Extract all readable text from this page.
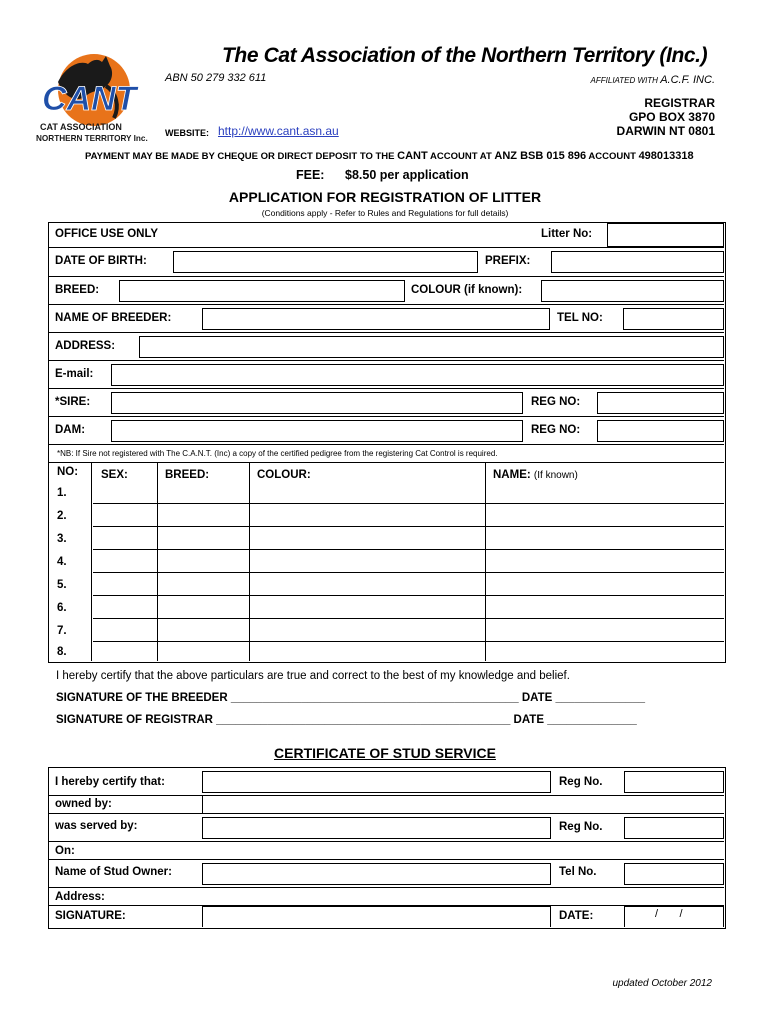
CANT
CAT ASSOCIATION
NORTHERN TERRITORY Inc.
The Cat Association of the Northern Territory (Inc.)
ABN 50 279 332 611	AFFILIATED WITH A.C.F. INC.
REGISTRAR
GPO BOX 3870
DARWIN NT 0801
WEBSITE: http://www.cant.asn.au
PAYMENT MAY BE MADE BY CHEQUE OR DIRECT DEPOSIT TO THE CANT ACCOUNT AT ANZ BSB 015 896 ACCOUNT 498013318
FEE: $8.50 per application
APPLICATION FOR REGISTRATION OF LITTER
(Conditions apply - Refer to Rules and Regulations for full details)
OFFICE USE ONLY	Litter No:
DATE OF BIRTH:	PREFIX:
BREED:	COLOUR (if known):
NAME OF BREEDER:	TEL NO:
ADDRESS:
E-mail:
*SIRE:	REG NO:
DAM:	REG NO:
*NB: If Sire not registered with The C.A.N.T. (Inc) a copy of the certified pedigree from the registering Cat Control is required.
NO: SEX:	BREED:	COLOUR:	NAME: (If known)
1.
2.
3.
4.
5.
6.
7.
8.
I hereby certify that the above particulars are true and correct to the best of my knowledge and belief.
SIGNATURE OF THE BREEDER _____________________________________________ DATE ______________
SIGNATURE OF REGISTRAR ______________________________________________ DATE ______________
CERTIFICATE OF STUD SERVICE
I hereby certify that:	Reg No.
owned by:
was served by:	Reg No.
On:
Name of Stud Owner:	Tel No.
Address:
SIGNATURE:	DATE:	/       /
updated October 2012
